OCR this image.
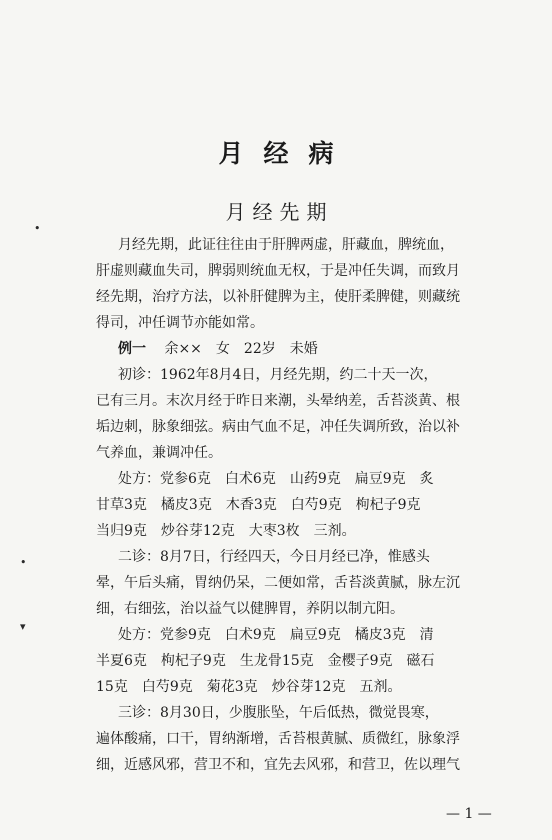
月经病
月经先期
月经先期，此证往往由于肝脾两虚，肝藏血，脾统血，
肝虚则藏血失司，脾弱则统血无权，于是冲任失调，而致月
经先期，治疗方法，以补肝健脾为主，使肝柔脾健，则藏统
得司，冲任调节亦能如常。
例一 余××　女　22岁　未婚
初诊：1962年8月4日，月经先期，约二十天一次，
已有三月。末次月经于昨日来潮，头晕纳差，舌苔淡黄、根
垢边刺，脉象细弦。病由气血不足，冲任失调所致，治以补
气养血，兼调冲任。
处方：党参6克　白术6克　山药9克　扁豆9克　炙
甘草3克　橘皮3克　木香3克　白芍9克　枸杞子9克
当归9克　炒谷芽12克　大枣3枚　三剂。
二诊：8月7日，行经四天，今日月经已净，惟感头
晕，午后头痛，胃纳仍呆，二便如常，舌苔淡黄腻，脉左沉
细，右细弦，治以益气以健脾胃，养阴以制亢阳。
处方：党参9克　白术9克　扁豆9克　橘皮3克　清
半夏6克　枸杞子9克　生龙骨15克　金樱子9克　磁石
15克　白芍9克　菊花3克　炒谷芽12克　五剂。
三诊：8月30日，少腹胀坠，午后低热，微觉畏寒，
遍体酸痛，口干，胃纳渐增，舌苔根黄腻、质微红，脉象浮
细，近感风邪，营卫不和，宜先去风邪，和营卫，佐以理气
— 1 —
•
•
▾
